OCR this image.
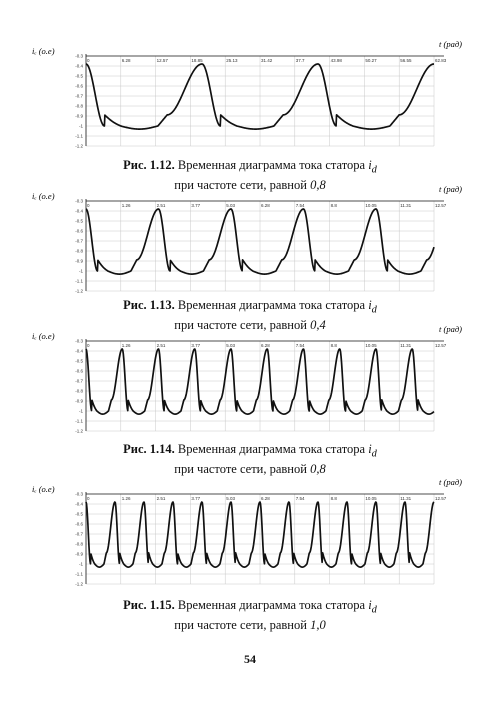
iₑ (o.e)
t (рад)
0	6.28	12.57	18.85	25.13	31.42	37.7	43.98	50.27	56.55	62.83
-0.3
-0.4
-0.5
-0.6
-0.7
-0.8
-0.9
-1
-1.1
-1.2
Рис. 1.12. Временная диаграмма тока статора $i_d$
при частоте сети, равной 0,8
iₑ (o.e)
t (рад)
0	1.26	2.51	3.77	5.03	6.28	7.54	8.8	10.05	11.31	12.57
-0.3
-0.4
-0.5
-0.6
-0.7
-0.8
-0.9
-1
-1.1
-1.2
Рис. 1.13. Временная диаграмма тока статора $i_d$
при частоте сети, равной 0,4
iₑ (o.e)
t (рад)
0	1.26	2.51	3.77	5.03	6.28	7.54	8.8	10.05	11.31	12.57
-0.3
-0.4
-0.5
-0.6
-0.7
-0.8
-0.9
-1
-1.1
-1.2
Рис. 1.14. Временная диаграмма тока статора $i_d$
при частоте сети, равной 0,8
iₑ (o.e)
t (рад)
0	1.26	2.51	3.77	5.03	6.28	7.54	8.8	10.05	11.31	12.57
-0.3
-0.4
-0.5
-0.6
-0.7
-0.8
-0.9
-1
-1.1
-1.2
Рис. 1.15. Временная диаграмма тока статора $i_d$
при частоте сети, равной 1,0
54
